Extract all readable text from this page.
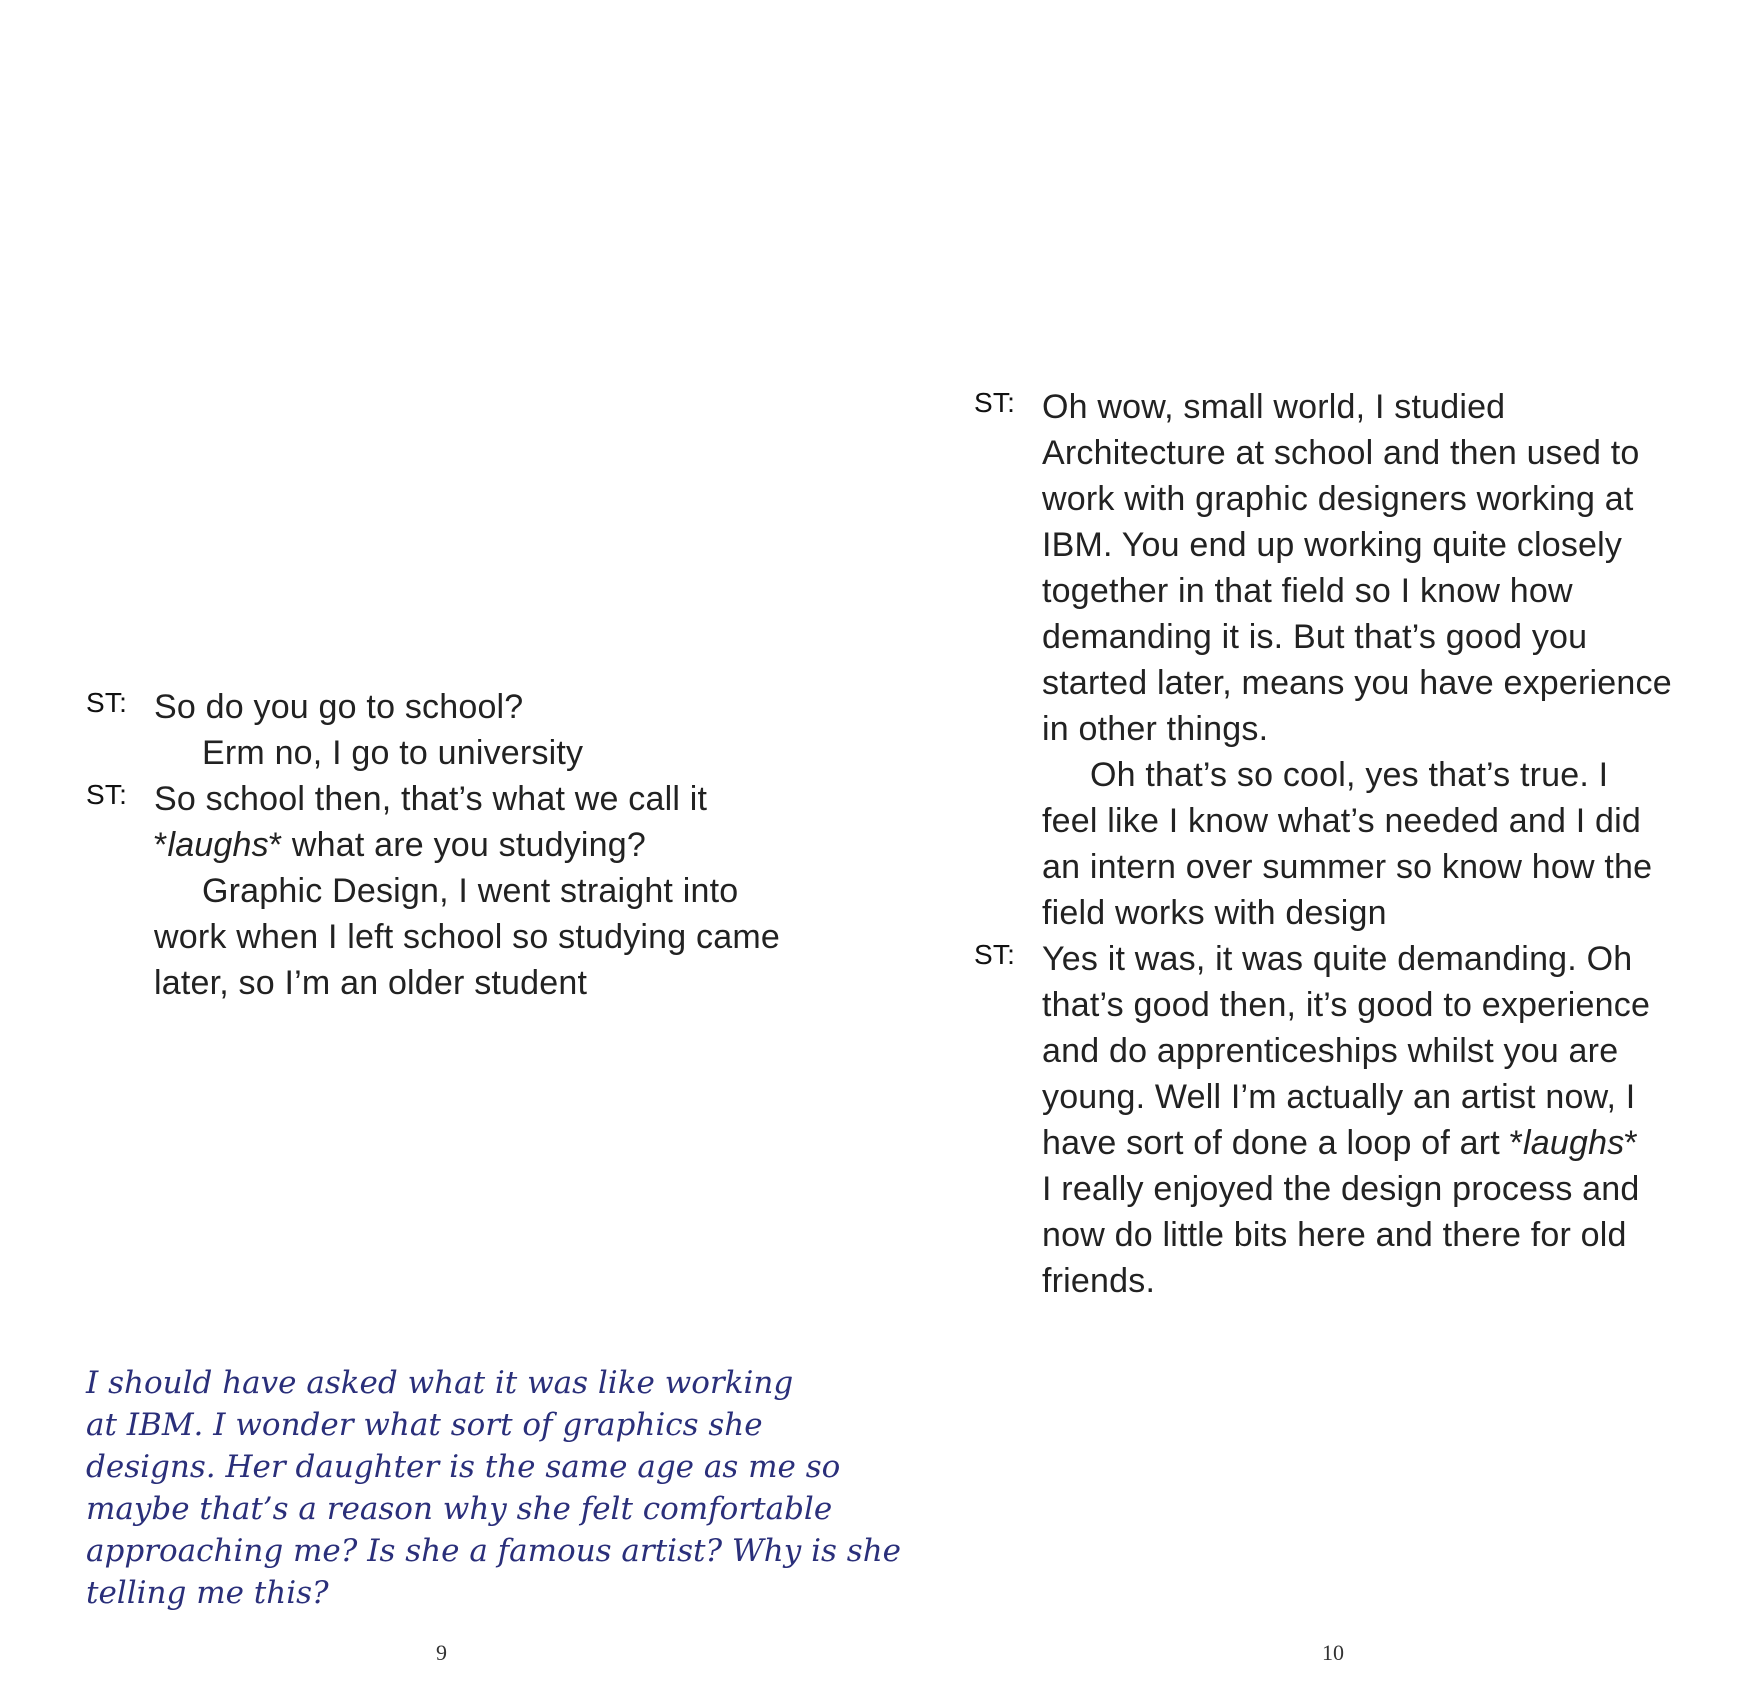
ST: So do you go to school?
Erm no, I go to university
ST: So school then, that’s what we call it
*laughs* what are you studying?
Graphic Design, I went straight into
work when I left school so studying came
later, so I’m an older student
I should have asked what it was like working
at IBM. I wonder what sort of graphics she
designs. Her daughter is the same age as me so
maybe that’s a reason why she felt comfortable
approaching me? Is she a famous artist? Why is she
telling me this?
9
ST: Oh wow, small world, I studied
Architecture at school and then used to
work with graphic designers working at
IBM. You end up working quite closely
together in that field so I know how
demanding it is. But that’s good you
started later, means you have experience
in other things.
Oh that’s so cool, yes that’s true. I
feel like I know what’s needed and I did
an intern over summer so know how the
field works with design
ST: Yes it was, it was quite demanding. Oh
that’s good then, it’s good to experience
and do apprenticeships whilst you are
young. Well I’m actually an artist now, I
have sort of done a loop of art *laughs*
I really enjoyed the design process and
now do little bits here and there for old
friends.
10
